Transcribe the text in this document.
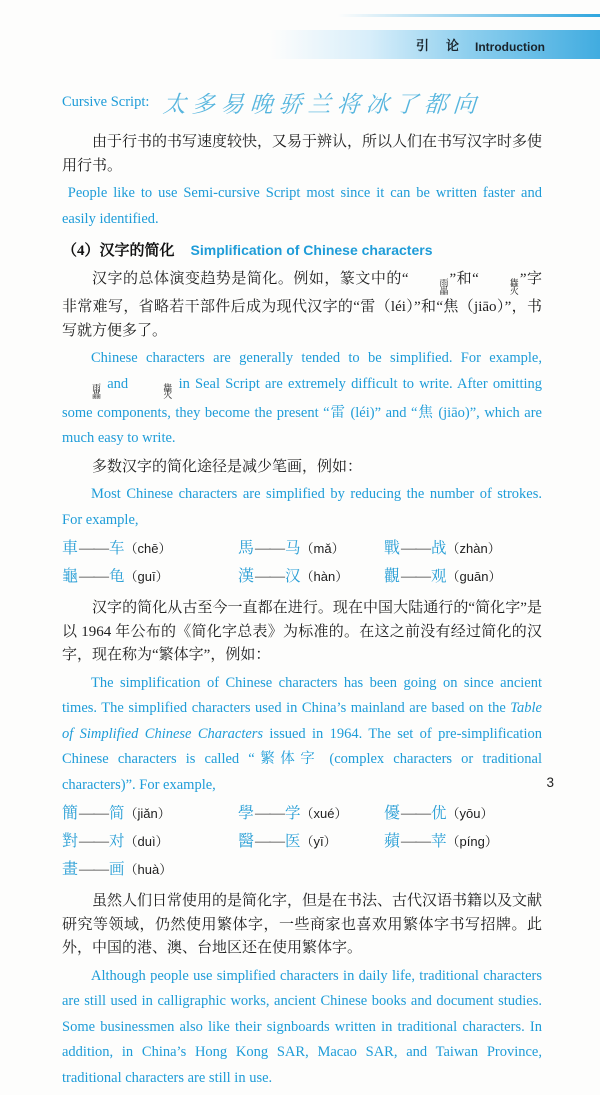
引　论 Introduction
Cursive Script: 太多易晚骄兰将冰了都向

由于行书的书写速度较快，又易于辨认，所以人们在书写汉字时多使用行书。

People like to use Semi-cursive Script most since it can be written faster and easily identified.

（4）汉字的简化 Simplification of Chinese characters

汉字的总体演变趋势是简化。例如，篆文中的“	雨
畾
”和“	雥
火
”字非常难写，省略若干部件后成为现代汉字的“雷（léi）”和“焦（jiāo）”，书写就方便多了。

Chinese characters are generally tended to be simplified. For example,
雨
畾
and	雥
火
in Seal Script are extremely difficult to write. After omitting some components, they become the present “雷 (léi)” and “焦 (jiāo)”, which are much easy to write.

多数汉字的简化途径是减少笔画，例如：

Most Chinese characters are simplified by reducing the number of strokes. For example,

車——车（chē）	馬——马（mǎ）	戰——战（zhàn）
龜——龟（guī）	漢——汉（hàn）	觀——观（guān）

汉字的简化从古至今一直都在进行。现在中国大陆通行的“简化字”是以 1964 年公布的《简化字总表》为标准的。在这之前没有经过简化的汉字，现在称为“繁体字”，例如：

The simplification of Chinese characters has been going on since ancient times. The simplified characters used in China’s mainland are based on the Table of Simplified Chinese Characters issued in 1964. The set of pre-simplification Chinese characters is called “繁体字 (complex characters or traditional characters)”. For example,

簡——简（jiǎn）	學——学（xué）	優——优（yōu）
對——对（duì）	醫——医（yī）	蘋——苹（píng）
畫——画（huà）

虽然人们日常使用的是简化字，但是在书法、古代汉语书籍以及文献研究等领域，仍然使用繁体字，一些商家也喜欢用繁体字书写招牌。此外，中国的港、澳、台地区还在使用繁体字。

Although people use simplified characters in daily life, traditional characters are still used in calligraphic works, ancient Chinese books and document studies. Some businessmen also like their signboards written in traditional characters. In addition, in China’s Hong Kong SAR, Macao SAR, and Taiwan Province, traditional characters are still in use.

3
